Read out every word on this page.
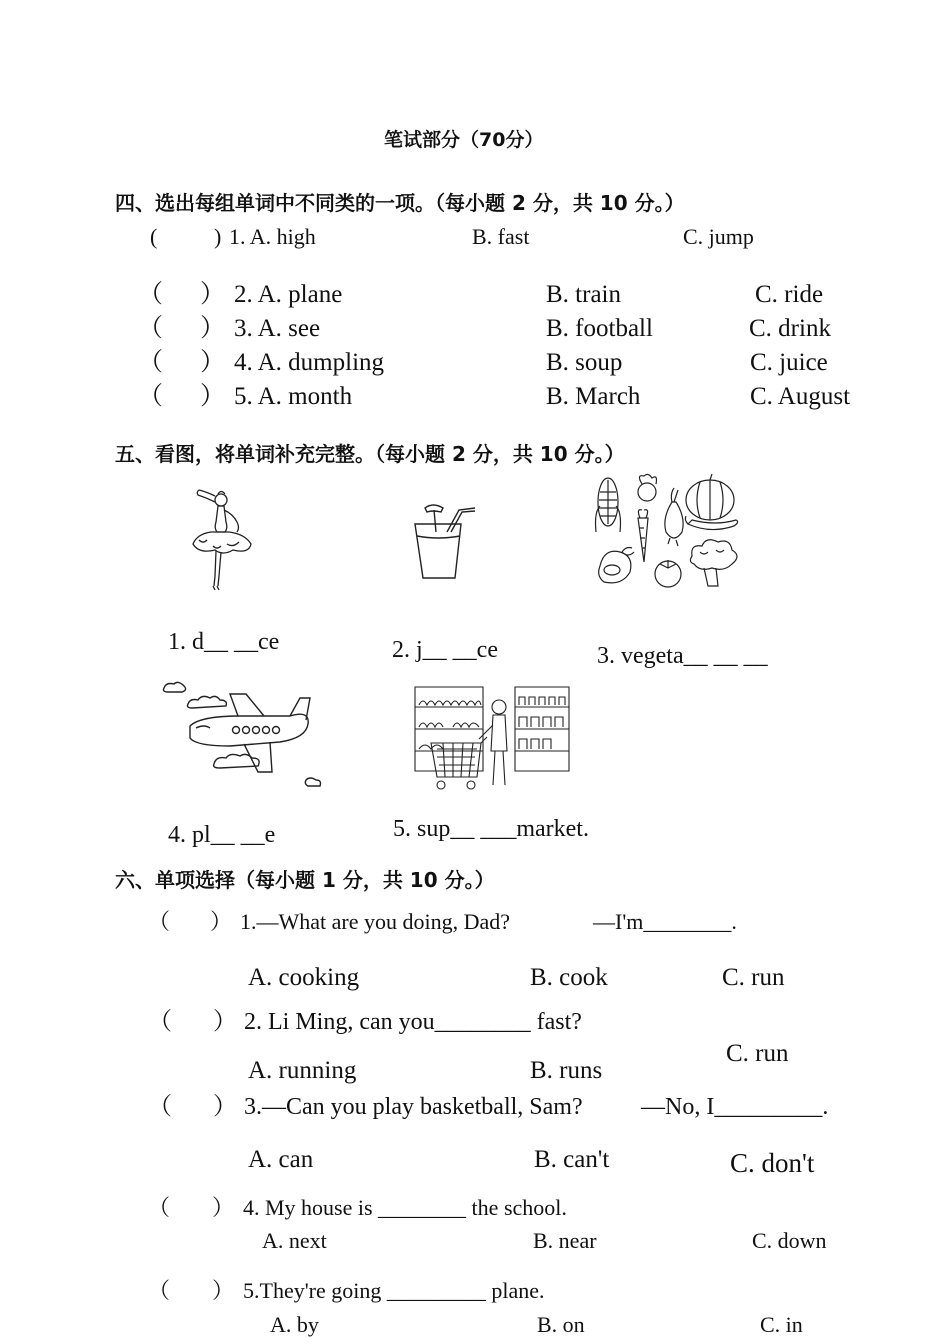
笔试部分（70分）
四、选出每组单词中不同类的一项。（每小题 2 分，共 10 分。）
(	) 1. A. high	B. fast	C. jump
（ ） 2. A. plane	B. train	C. ride
（ ） 3. A. see	B. football	C. drink
（ ） 4. A. dumpling	B. soup	C. juice
（ ） 5. A. month	B. March	C. August
五、看图，将单词补充完整。（每小题 2 分，共 10 分。）
1. d__ __ce	2. j__ __ce	3. vegeta__ __ __
4. pl__ __e	5. sup__ ___market.
六、单项选择（每小题 1 分，共 10 分。）
（ ） 1.—What are you doing, Dad?	—I'm________.
A. cooking	B. cook	C. run
（ ） 2. Li Ming, can you________ fast?
C. run
A. running	B. runs
（ ） 3.—Can you play basketball, Sam? —No, I_________.
A. can	B. can't	C. don't
（ ） 4. My house is ________ the school.
A. next	B. near	C. down
（ ） 5.They're going _________ plane.
A. by	B. on	C. in
